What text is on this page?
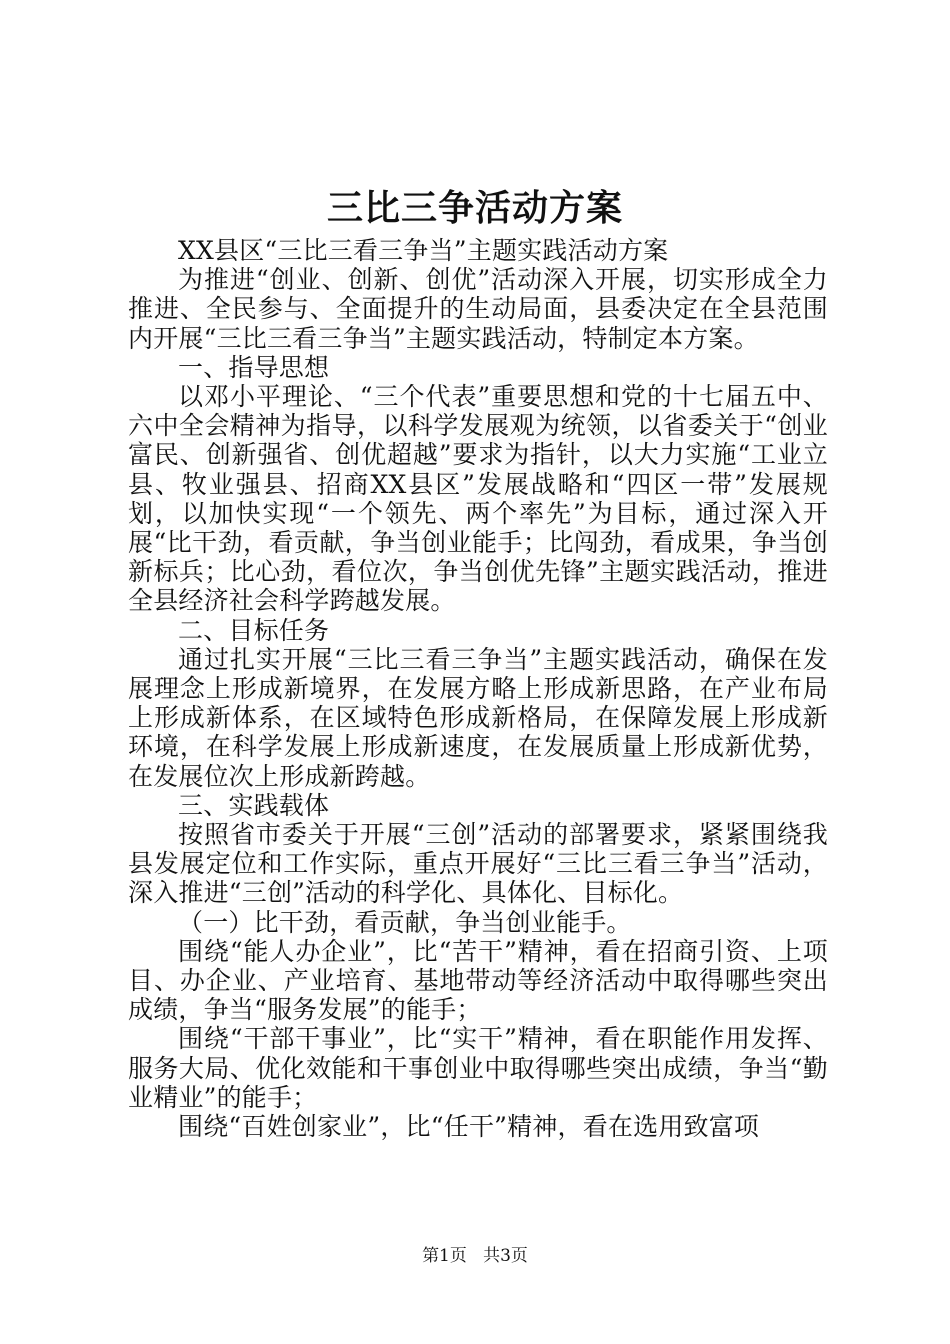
三比三争活动方案

XX县区“三比三看三争当”主题实践活动方案

为推进“创业、创新、创优”活动深入开展，切实形成全力推进、全民参与、全面提升的生动局面，县委决定在全县范围内开展“三比三看三争当”主题实践活动，特制定本方案。

一、指导思想

以邓小平理论、“三个代表”重要思想和党的十七届五中、六中全会精神为指导，以科学发展观为统领，以省委关于“创业富民、创新强省、创优超越”要求为指针，以大力实施“工业立县、牧业强县、招商XX县区”发展战略和“四区一带”发展规划，以加快实现“一个领先、两个率先”为目标，通过深入开展“比干劲，看贡献，争当创业能手；比闯劲，看成果，争当创新标兵；比心劲，看位次，争当创优先锋”主题实践活动，推进全县经济社会科学跨越发展。

二、目标任务

通过扎实开展“三比三看三争当”主题实践活动，确保在发展理念上形成新境界，在发展方略上形成新思路，在产业布局上形成新体系，在区域特色形成新格局，在保障发展上形成新环境，在科学发展上形成新速度，在发展质量上形成新优势，在发展位次上形成新跨越。

三、实践载体

按照省市委关于开展“三创”活动的部署要求，紧紧围绕我县发展定位和工作实际，重点开展好“三比三看三争当”活动，深入推进“三创”活动的科学化、具体化、目标化。

（一）比干劲，看贡献，争当创业能手。

围绕“能人办企业”，比“苦干”精神，看在招商引资、上项目、办企业、产业培育、基地带动等经济活动中取得哪些突出成绩，争当“服务发展”的能手；

围绕“干部干事业”，比“实干”精神，看在职能作用发挥、服务大局、优化效能和干事创业中取得哪些突出成绩，争当“勤业精业”的能手；

围绕“百姓创家业”，比“任干”精神，看在选用致富项

第1页 共3页
